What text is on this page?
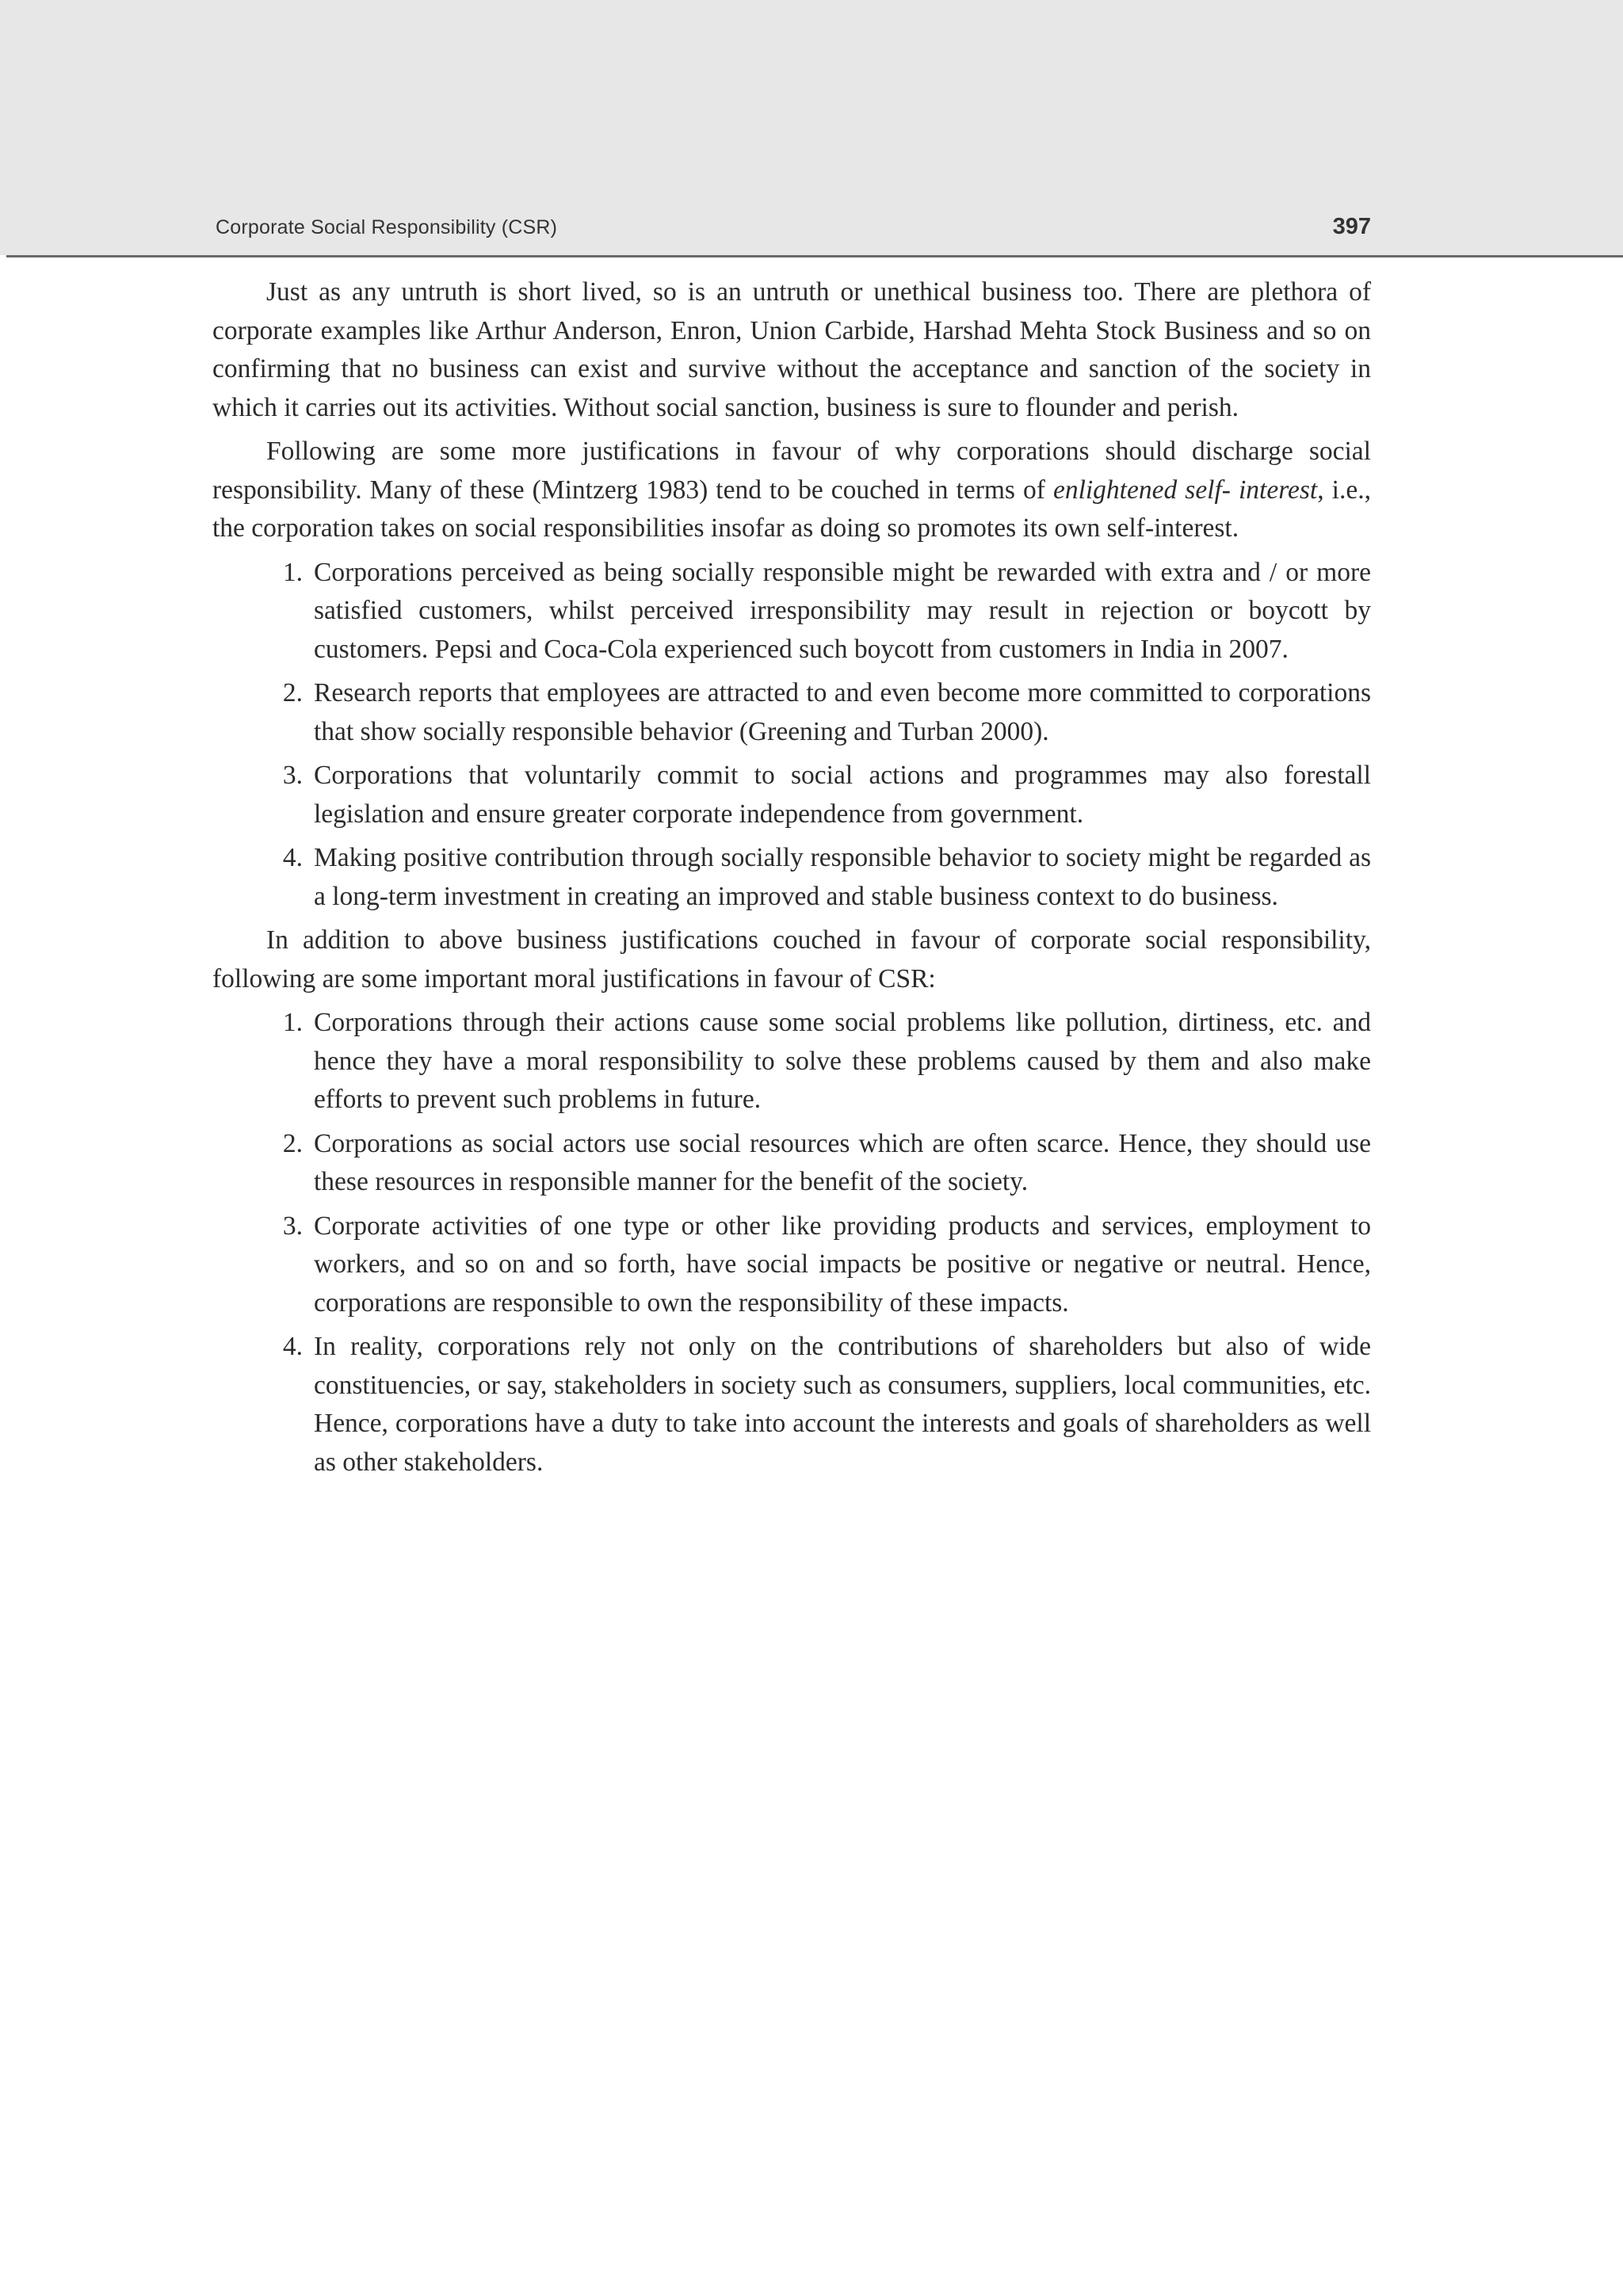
Corporate Social Responsibility (CSR)	397

Just as any untruth is short lived, so is an untruth or unethical business too. There are plethora of corporate examples like Arthur Anderson, Enron, Union Carbide, Harshad Mehta Stock Business and so on confirming that no business can exist and survive without the acceptance and sanction of the society in which it carries out its activities. Without social sanction, business is sure to flounder and perish.

Following are some more justifications in favour of why corporations should discharge social responsibility. Many of these (Mintzerg 1983) tend to be couched in terms of enlightened self- interest, i.e., the corporation takes on social responsibilities insofar as doing so promotes its own self-interest.

1. Corporations perceived as being socially responsible might be rewarded with extra and / or more satisfied customers, whilst perceived irresponsibility may result in rejection or boycott by customers. Pepsi and Coca-Cola experienced such boycott from customers in India in 2007.
2. Research reports that employees are attracted to and even become more committed to corporations that show socially responsible behavior (Greening and Turban 2000).
3. Corporations that voluntarily commit to social actions and programmes may also forestall legislation and ensure greater corporate independence from government.
4. Making positive contribution through socially responsible behavior to society might be regarded as a long-term investment in creating an improved and stable business context to do business.

In addition to above business justifications couched in favour of corporate social responsibility, following are some important moral justifications in favour of CSR:

1. Corporations through their actions cause some social problems like pollution, dirtiness, etc. and hence they have a moral responsibility to solve these problems caused by them and also make efforts to prevent such problems in future.
2. Corporations as social actors use social resources which are often scarce. Hence, they should use these resources in responsible manner for the benefit of the society.
3. Corporate activities of one type or other like providing products and services, employment to workers, and so on and so forth, have social impacts be positive or negative or neutral. Hence, corporations are responsible to own the responsibility of these impacts.
4. In reality, corporations rely not only on the contributions of shareholders but also of wide constituencies, or say, stakeholders in society such as consumers, suppliers, local communities, etc. Hence, corporations have a duty to take into account the interests and goals of shareholders as well as other stakeholders.
